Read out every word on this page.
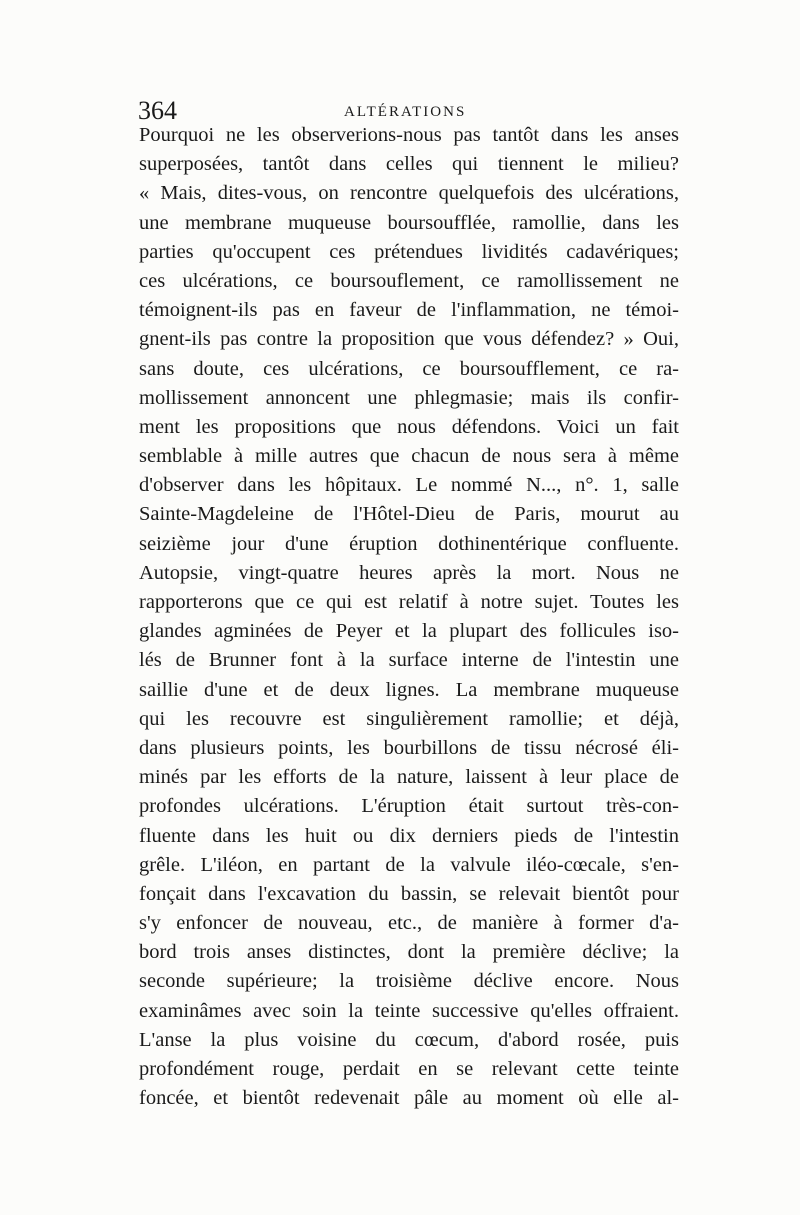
364	ALTÉRATIONS
Pourquoi ne les observerions-nous pas tantôt dans les anses
superposées, tantôt dans celles qui tiennent le milieu?
« Mais, dites-vous, on rencontre quelquefois des ulcérations,
une membrane muqueuse boursoufflée, ramollie, dans les
parties qu'occupent ces prétendues lividités cadavériques;
ces ulcérations, ce boursouflement, ce ramollissement ne
témoignent-ils pas en faveur de l'inflammation, ne témoi-
gnent-ils pas contre la proposition que vous défendez? » Oui,
sans doute, ces ulcérations, ce boursoufflement, ce ra-
mollissement annoncent une phlegmasie; mais ils confir-
ment les propositions que nous défendons. Voici un fait
semblable à mille autres que chacun de nous sera à même
d'observer dans les hôpitaux. Le nommé N..., n°. 1, salle
Sainte-Magdeleine de l'Hôtel-Dieu de Paris, mourut au
seizième jour d'une éruption dothinentérique confluente.
Autopsie, vingt-quatre heures après la mort. Nous ne
rapporterons que ce qui est relatif à notre sujet. Toutes les
glandes agminées de Peyer et la plupart des follicules iso-
lés de Brunner font à la surface interne de l'intestin une
saillie d'une et de deux lignes. La membrane muqueuse
qui les recouvre est singulièrement ramollie; et déjà,
dans plusieurs points, les bourbillons de tissu nécrosé éli-
minés par les efforts de la nature, laissent à leur place de
profondes ulcérations. L'éruption était surtout très-con-
fluente dans les huit ou dix derniers pieds de l'intestin
grêle. L'iléon, en partant de la valvule iléo-cœcale, s'en-
fonçait dans l'excavation du bassin, se relevait bientôt pour
s'y enfoncer de nouveau, etc., de manière à former d'a-
bord trois anses distinctes, dont la première déclive; la
seconde supérieure; la troisième déclive encore. Nous
examinâmes avec soin la teinte successive qu'elles offraient.
L'anse la plus voisine du cœcum, d'abord rosée, puis
profondément rouge, perdait en se relevant cette teinte
foncée, et bientôt redevenait pâle au moment où elle al-
